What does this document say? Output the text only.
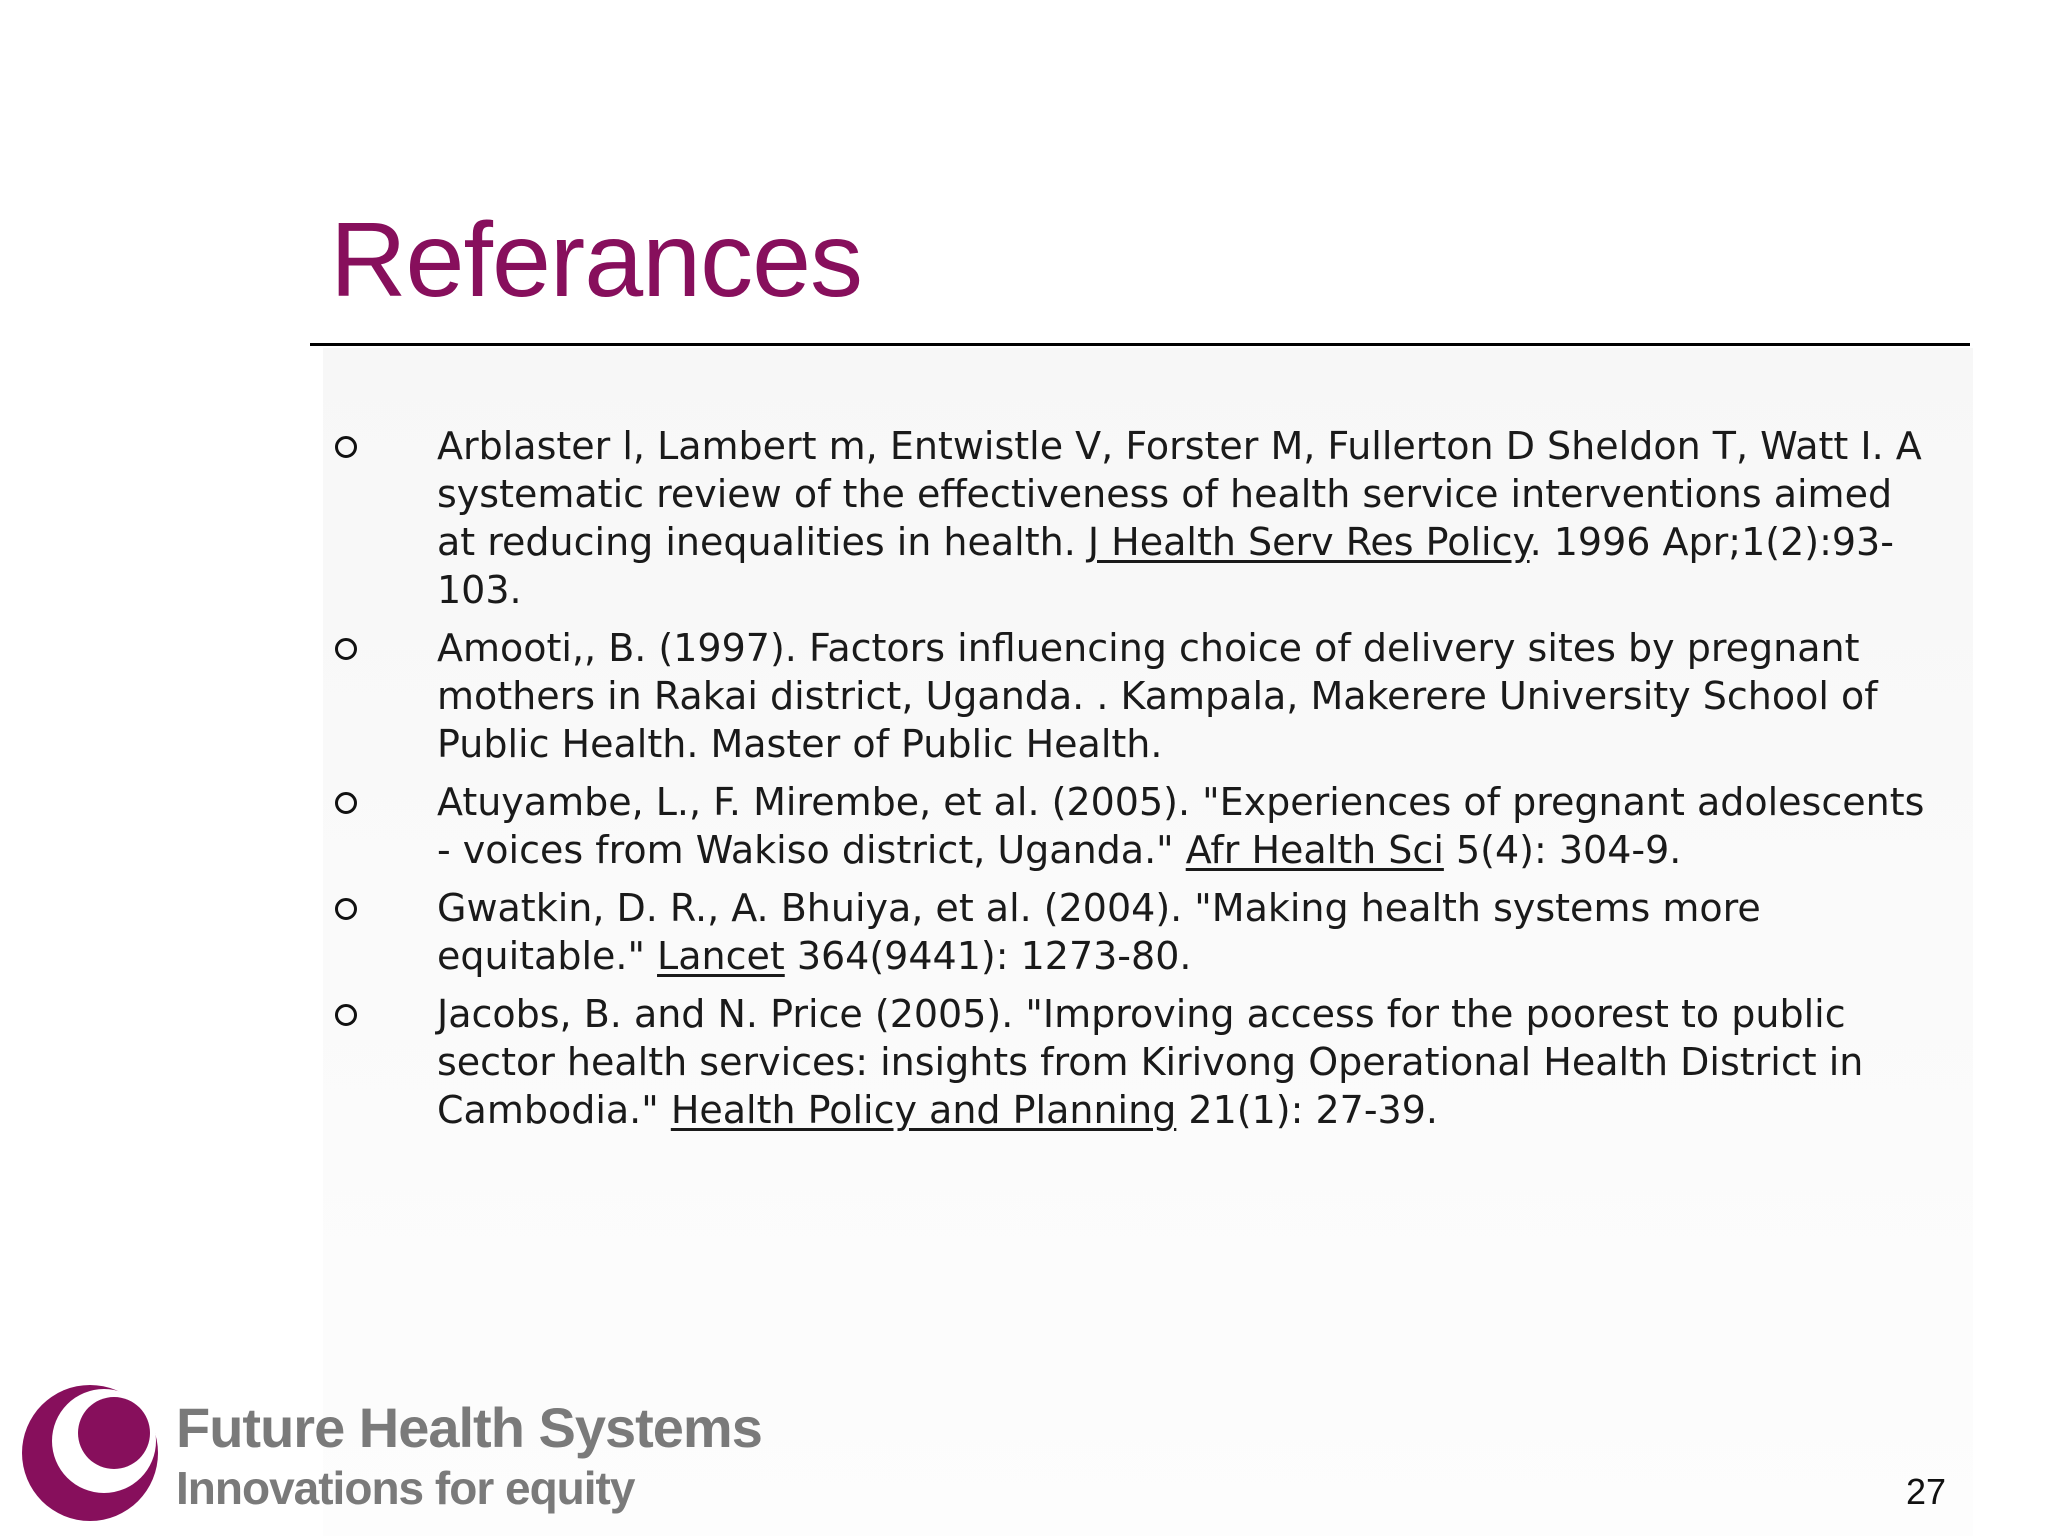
Referances
Arblaster l, Lambert m, Entwistle V, Forster M, Fullerton D Sheldon T, Watt I. A systematic review of the effectiveness of health service interventions aimed at reducing inequalities in health. J Health Serv Res Policy. 1996 Apr;1(2):93-103.
Amooti,, B. (1997). Factors influencing choice of delivery sites by pregnant mothers in Rakai district, Uganda. . Kampala, Makerere University School of Public Health. Master of Public Health.
Atuyambe, L., F. Mirembe, et al. (2005). "Experiences of pregnant adolescents - voices from Wakiso district, Uganda." Afr Health Sci 5(4): 304-9.
Gwatkin, D. R., A. Bhuiya, et al. (2004). "Making health systems more equitable." Lancet 364(9441): 1273-80.
Jacobs, B. and N. Price (2005). "Improving access for the poorest to public sector health services: insights from Kirivong Operational Health District in Cambodia." Health Policy and Planning 21(1): 27-39.
Future Health Systems
Innovations for equity	27
